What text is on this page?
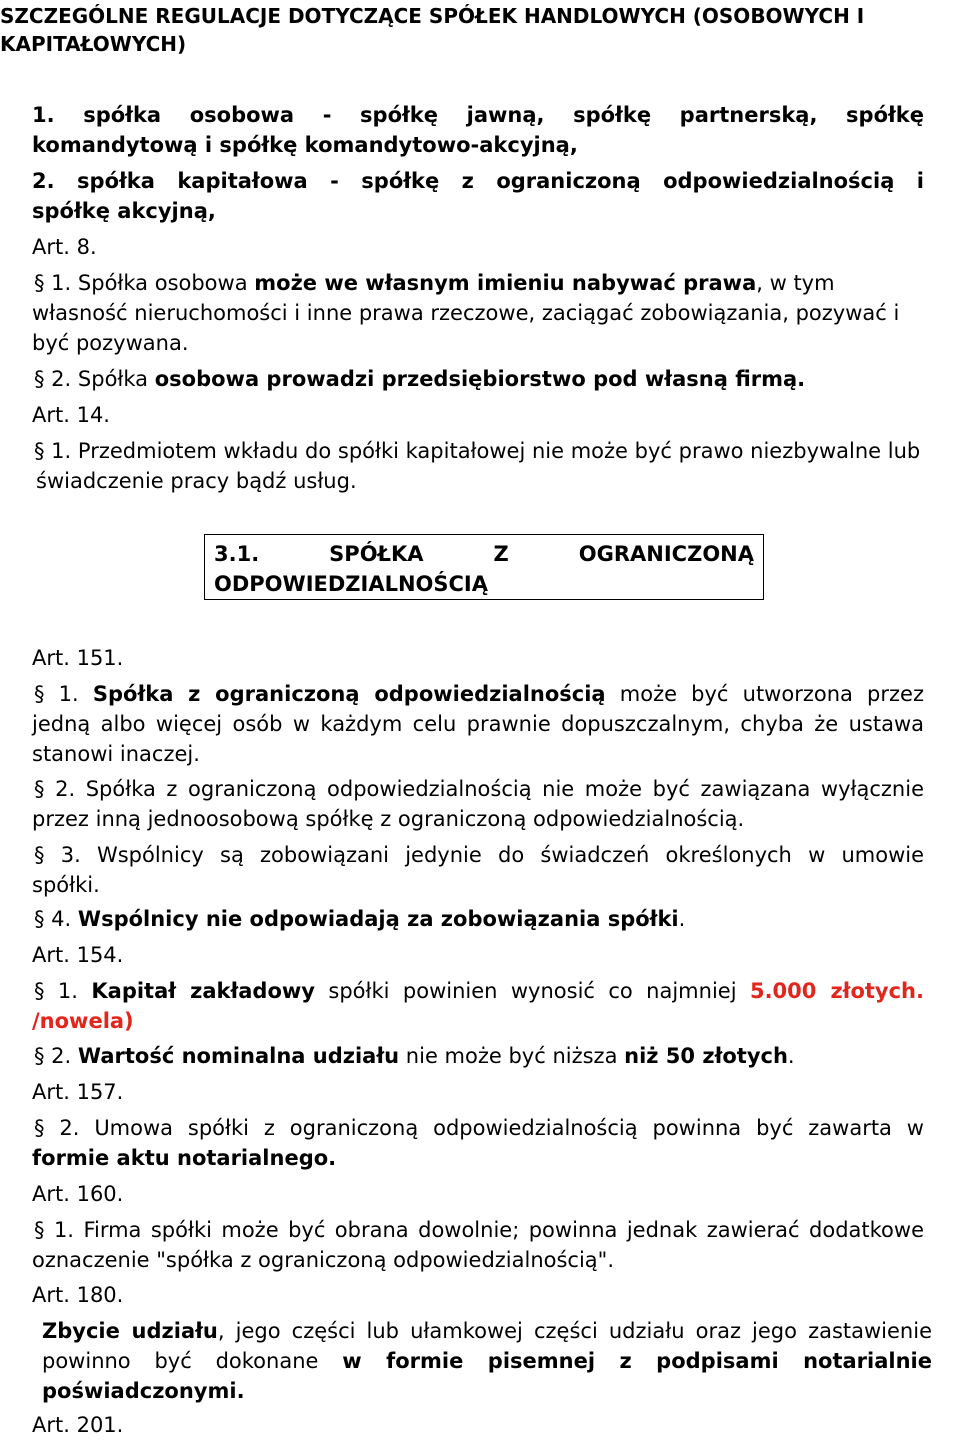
SZCZEGÓLNE REGULACJE DOTYCZĄCE SPÓŁEK HANDLOWYCH (OSOBOWYCH I
KAPITAŁOWYCH)
1. spółka osobowa - spółkę jawną, spółkę partnerską, spółkę
komandytową i spółkę komandytowo-akcyjną,
2. spółka kapitałowa - spółkę z ograniczoną odpowiedzialnością i
spółkę akcyjną,
Art. 8.
§ 1. Spółka osobowa może we własnym imieniu nabywać prawa, w tym
własność nieruchomości i inne prawa rzeczowe, zaciągać zobowiązania, pozywać i
być pozywana.
§ 2. Spółka osobowa prowadzi przedsiębiorstwo pod własną firmą.
Art. 14.
§ 1. Przedmiotem wkładu do spółki kapitałowej nie może być prawo niezbywalne lub
świadczenie pracy bądź usług.
3.1. SPÓŁKA Z OGRANICZONĄ
ODPOWIEDZIALNOŚCIĄ
Art. 151.
§ 1. Spółka z ograniczoną odpowiedzialnością może być utworzona przez
jedną albo więcej osób w każdym celu prawnie dopuszczalnym, chyba że ustawa
stanowi inaczej.
§ 2. Spółka z ograniczoną odpowiedzialnością nie może być zawiązana wyłącznie
przez inną jednoosobową spółkę z ograniczoną odpowiedzialnością.
§ 3. Wspólnicy są zobowiązani jedynie do świadczeń określonych w umowie
spółki.
§ 4. Wspólnicy nie odpowiadają za zobowiązania spółki.
Art. 154.
§ 1. Kapitał zakładowy spółki powinien wynosić co najmniej 5.000 złotych.
/nowela)
§ 2. Wartość nominalna udziału nie może być niższa niż 50 złotych.
Art. 157.
§ 2. Umowa spółki z ograniczoną odpowiedzialnością powinna być zawarta w
formie aktu notarialnego.
Art. 160.
§ 1. Firma spółki może być obrana dowolnie; powinna jednak zawierać dodatkowe
oznaczenie "spółka z ograniczoną odpowiedzialnością".
Art. 180.
Zbycie udziału, jego części lub ułamkowej części udziału oraz jego zastawienie
powinno być dokonane w formie pisemnej z podpisami notarialnie
poświadczonymi.
Art. 201.
